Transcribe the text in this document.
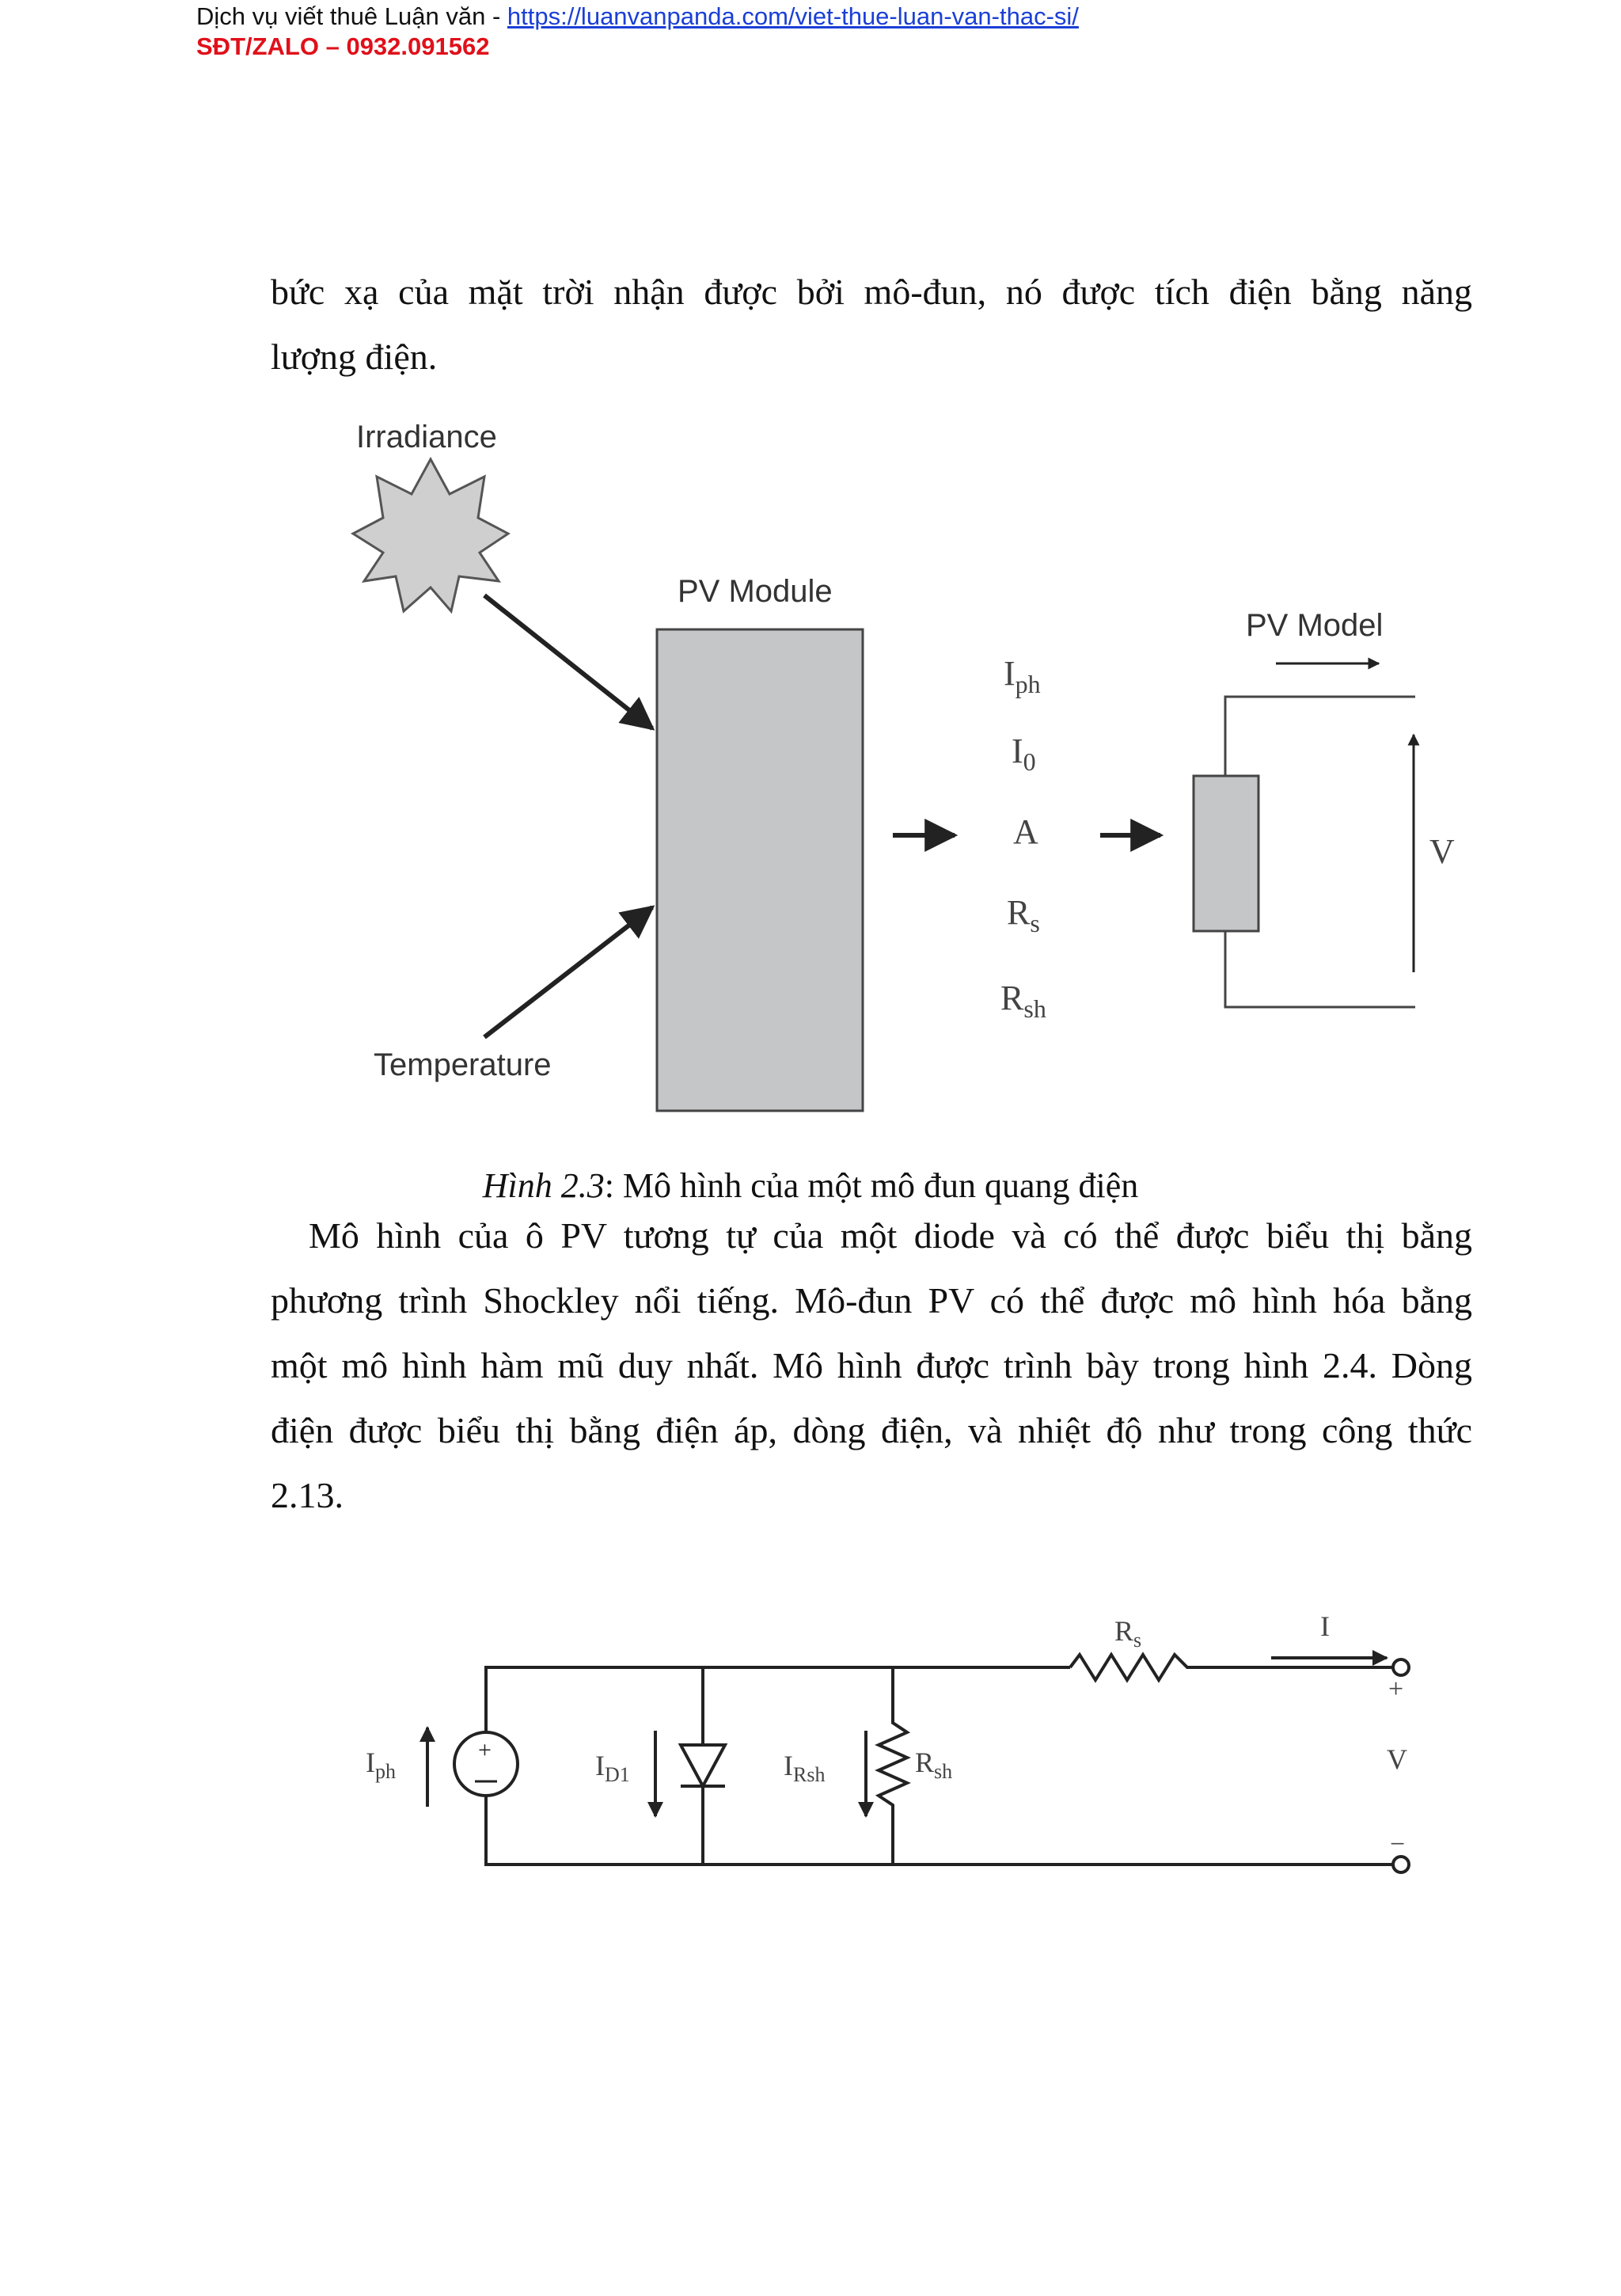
Dịch vụ viết thuê Luận văn - https://luanvanpanda.com/viet-thue-luan-van-thac-si/
SĐT/ZALO – 0932.091562
bức xạ của mặt trời nhận được bởi mô-đun, nó được tích điện bằng năng
lượng điện.
Irradiance
Temperature
PV Module
$I_{ph}$
$I_0$
A
$R_s$
$R_{sh}$
PV Model
V
Hình 2.3: Mô hình của một mô đun quang điện
Mô hình của ô PV tương tự của một diode và có thể được biểu thị bằng
phương trình Shockley nổi tiếng. Mô-đun PV có thể được mô hình hóa bằng
một mô hình hàm mũ duy nhất. Mô hình được trình bày trong hình 2.4. Dòng
điện được biểu thị bằng điện áp, dòng điện, và nhiệt độ như trong công thức
2.13.
+
$I_{ph}$	$I_{D1}$	$I_{Rsh}$	$R_{sh}$
$R_s$	I
+
V
−
